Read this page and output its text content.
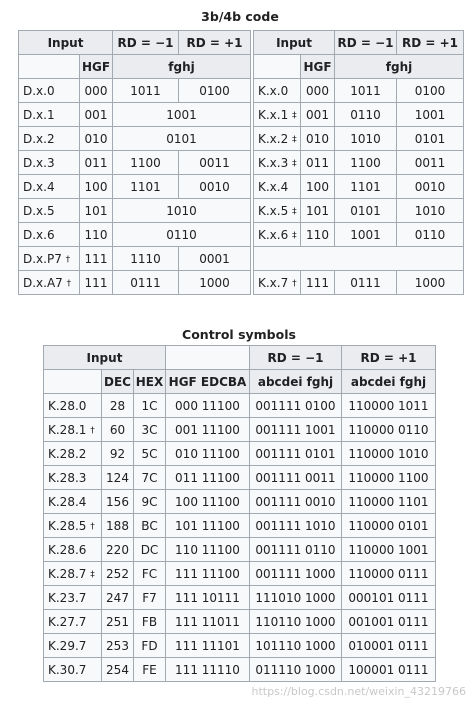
3b/4b code
Input		RD = −1	RD = +1
	HGF	fghj	
D.x.0	000	1011	0100
D.x.1	001	1001	
D.x.2	010	0101	
D.x.3	011	1100	0011
D.x.4	100	1101	0010
D.x.5	101	1010	
D.x.6	110	0110	
D.x.P7 †	111	1110	0001
D.x.A7 †	111	0111	1000
Input		RD = −1	RD = +1
	HGF	fghj	
K.x.0	000	1011	0100
K.x.1 ‡	001	0110	1001
K.x.2 ‡	010	1010	0101
K.x.3 ‡	011	1100	0011
K.x.4	100	1101	0010
K.x.5 ‡	101	0101	1010
K.x.6 ‡	110	1001	0110

K.x.7 †	111	0111	1000
Control symbols
Input				RD = −1	RD = +1
	DEC	HEX	HGF EDCBA	abcdei fghj	abcdei fghj
K.28.0	28	1C	000 11100	001111 0100	110000 1011
K.28.1 †	60	3C	001 11100	001111 1001	110000 0110
K.28.2	92	5C	010 11100	001111 0101	110000 1010
K.28.3	124	7C	011 11100	001111 0011	110000 1100
K.28.4	156	9C	100 11100	001111 0010	110000 1101
K.28.5 †	188	BC	101 11100	001111 1010	110000 0101
K.28.6	220	DC	110 11100	001111 0110	110000 1001
K.28.7 ‡	252	FC	111 11100	001111 1000	110000 0111
K.23.7	247	F7	111 10111	111010 1000	000101 0111
K.27.7	251	FB	111 11011	110110 1000	001001 0111
K.29.7	253	FD	111 11101	101110 1000	010001 0111
K.30.7	254	FE	111 11110	011110 1000	100001 0111
https://blog.csdn.net/weixin_43219766
